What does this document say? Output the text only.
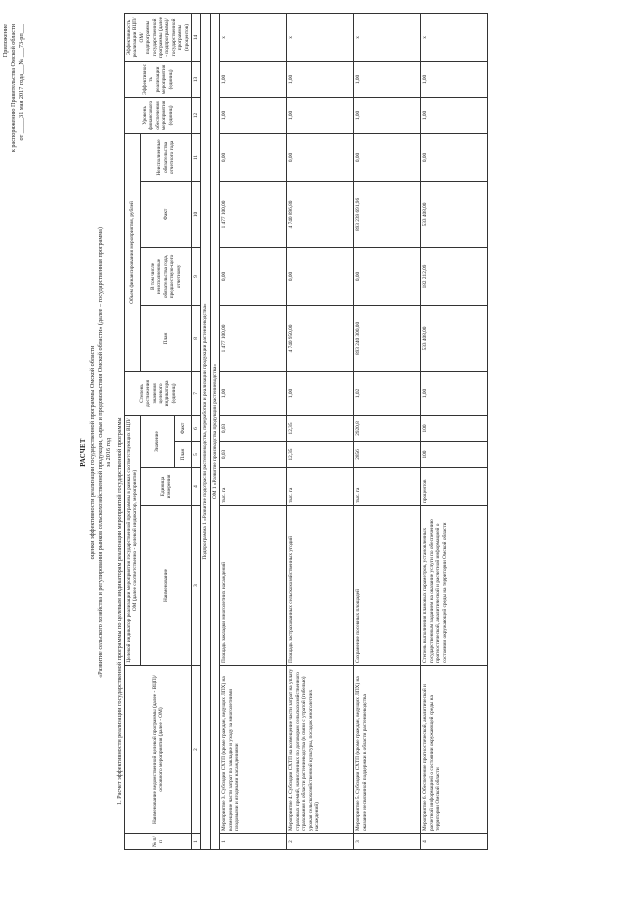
Приложение к распоряжению Правительства Омской области от _____31 мая 2017 года___№ ___73-рп___
РАСЧЕТ оценки эффективности реализации государственной программы Омской области «Развитие сельского хозяйства и регулирования рынков сельскохозяйственной продукции, сырья и продовольствия Омской области» (далее – государственная программа) за 2016 год 1. Расчет эффективности реализации государственной программы по целевым индикаторам реализации мероприятий государственной программы
№ п/п	Наименование ведомственной целевой программы (далее - ВЦП)/основного мероприятия (далее - ОМ)	Целевой индикатор реализации мероприятия государственной программы в рамках соответствующих ВЦП/ОМ (далее соответственно - целевой индикатор, мероприятие)				Степень достижения значения целевого индикатора (единиц)	Объем финансирования мероприятия, рублей				Уровень финансового обеспечения мероприятия (единиц)	Эффективность реализации мероприятия (единиц)	Эффективность реализации ВЦП/ОМ/подпрограммы государственной программы (далее - подпрограмма)/ государственной программы (процентов)
		Наименование	Единица измерения	Значение			План	В том числе неисполненные обязательства года, предшествую-щего отчетному	Факт	Неисполненные обязательства отчетного года			
				План	Факт								
1	2	3	4	5	6	7	8	9	10	11	12	13	14
Подпрограмма 1 «Развитие подотрасли растениеводства, переработки и реализации продукции растениеводства»													
ОМ 1 «Развитие производства продукции растениеводства»													
1	Мероприятие 3. Субсидии СХТП (кроме граждан, ведущих ЛПХ) на возмещение части затрат по закладке и уходу за многолетними плодовыми и ягодными насаждениями	Площадь закладки многолетних насаждений	тыс. га	0,03	0,03	1,00	1 477 100,00	0,00	1 477 100,00	0,00	1,00	1,00	х
2	Мероприятие 4. Субсидии СХТП на возмещение части затрат на уплату страховых премий, начисленных по договорам сельскохозяйственного страхования в области растениеводства (в связи с утратой (гибелью) урожая сельскохозяйственной культуры, посадок многолетних насаждений)	Площадь застрахованных сельскохозяйственных угодий	тыс. га	12,35	12,35	1,00	4 740 950,00	0,00	4 740 896,80	0,00	1,00	1,00	х
3	Мероприятие 5. Субсидии СХТП (кроме граждан, ведущих ЛПХ) на оказание несвязанной поддержки в области растениеводства	Сохранение посевных площадей	тыс. га	2856	2920,8	1,02	893 240 300,00	0,00	893 239 691,96	0,00	1,00	1,00	х
4	Мероприятие 6. Обеспечение прогностической, аналитической и расчетной информацией о состоянии окружающей среды на территории Омской области	Степень выполнения плановых параметров, установленных государственным заданием на оказание услуги по обеспечению прогностической, аналитической и расчетной информацией о состоянии окружающей среды на территории Омской области	процентов	100	100	1,00	533 408,00	182 212,09	533 408,00	0,00	1,00	1,00	х
